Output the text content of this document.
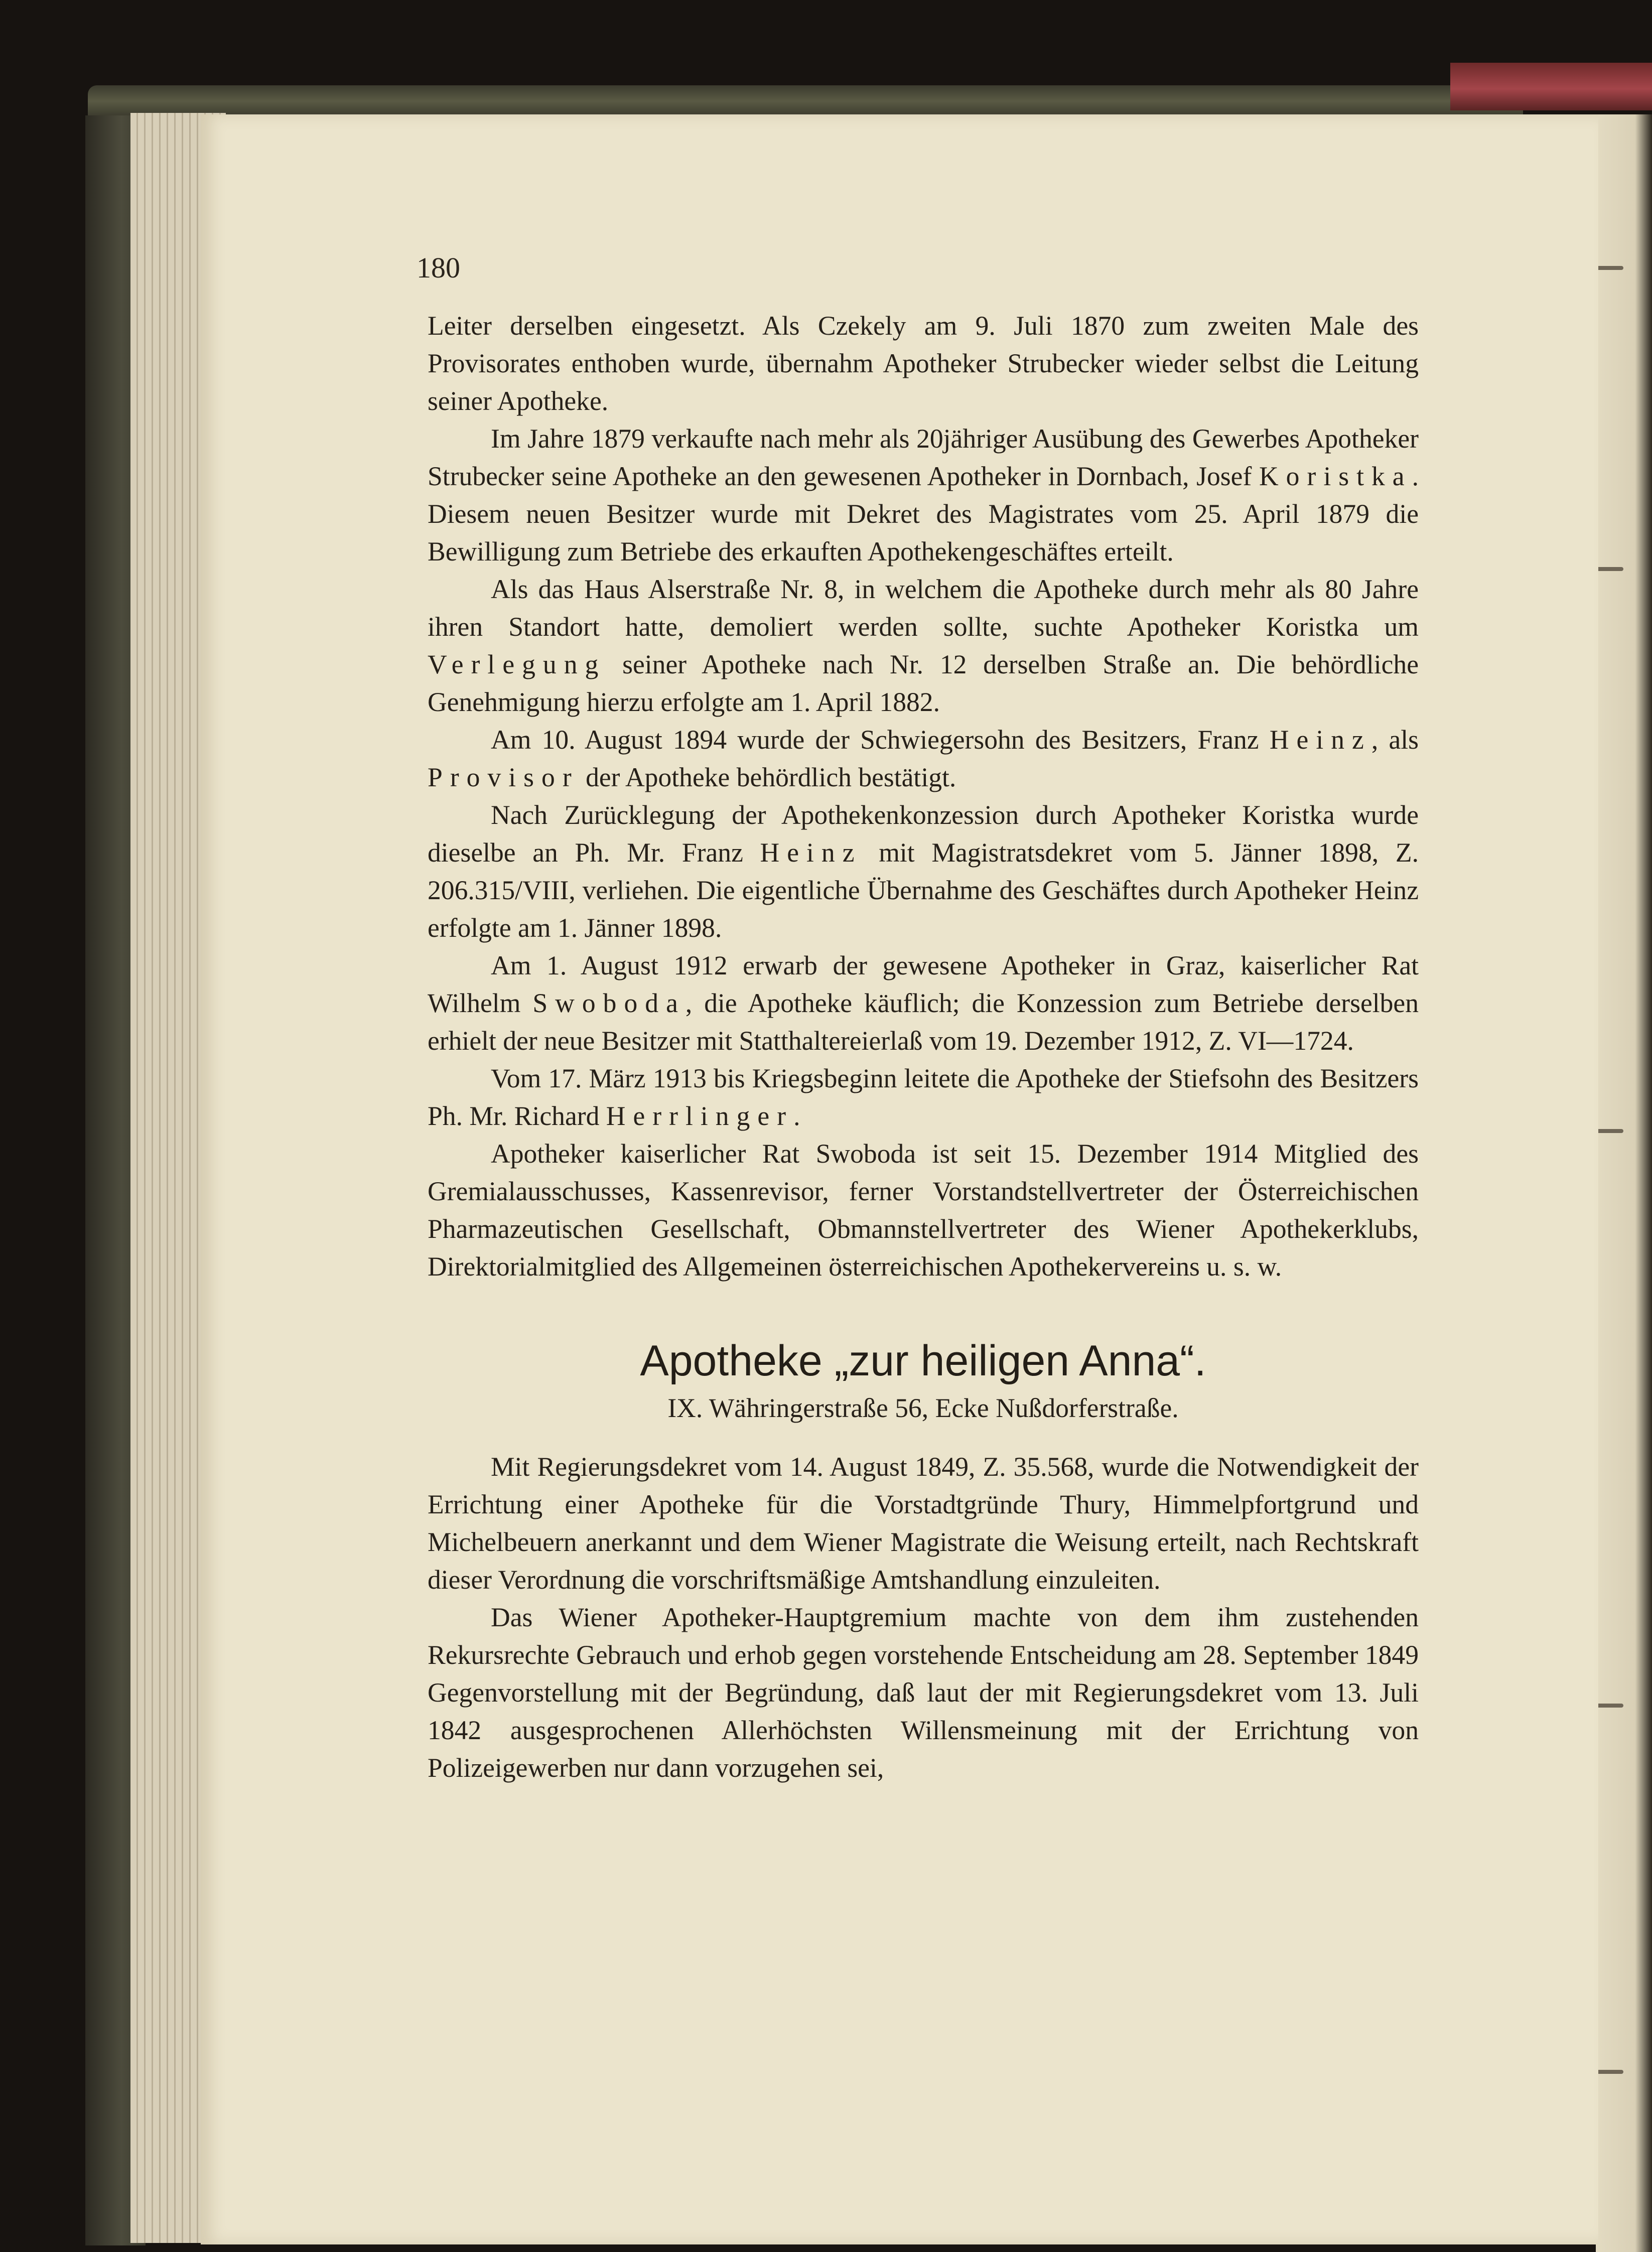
180

Leiter derselben eingesetzt. Als Czekely am 9. Juli 1870 zum zweiten Male des Provisorates enthoben wurde, übernahm Apotheker Strubecker wieder selbst die Leitung seiner Apotheke.

Im Jahre 1879 verkaufte nach mehr als 20jähriger Ausübung des Gewerbes Apotheker Strubecker seine Apotheke an den gewesenen Apotheker in Dornbach, Josef Koristka. Diesem neuen Besitzer wurde mit Dekret des Magistrates vom 25. April 1879 die Bewilligung zum Betriebe des erkauften Apothekengeschäftes erteilt.

Als das Haus Alserstraße Nr. 8, in welchem die Apotheke durch mehr als 80 Jahre ihren Standort hatte, demoliert werden sollte, suchte Apotheker Koristka um Verlegung seiner Apotheke nach Nr. 12 derselben Straße an. Die behördliche Genehmigung hierzu erfolgte am 1. April 1882.

Am 10. August 1894 wurde der Schwiegersohn des Besitzers, Franz Heinz, als Provisor der Apotheke behördlich bestätigt.

Nach Zurücklegung der Apothekenkonzession durch Apotheker Koristka wurde dieselbe an Ph. Mr. Franz Heinz mit Magistratsdekret vom 5. Jänner 1898, Z. 206.315/VIII, verliehen. Die eigentliche Übernahme des Geschäftes durch Apotheker Heinz erfolgte am 1. Jänner 1898.

Am 1. August 1912 erwarb der gewesene Apotheker in Graz, kaiserlicher Rat Wilhelm Swoboda, die Apotheke käuflich; die Konzession zum Betriebe derselben erhielt der neue Besitzer mit Statthaltereierlaß vom 19. Dezember 1912, Z. VI—1724.

Vom 17. März 1913 bis Kriegsbeginn leitete die Apotheke der Stiefsohn des Besitzers Ph. Mr. Richard Herrlinger.

Apotheker kaiserlicher Rat Swoboda ist seit 15. Dezember 1914 Mitglied des Gremialausschusses, Kassenrevisor, ferner Vorstandstellvertreter der Österreichischen Pharmazeutischen Gesellschaft, Obmannstellvertreter des Wiener Apothekerklubs, Direktorialmitglied des Allgemeinen österreichischen Apothekervereins u. s. w.

Apotheke „zur heiligen Anna“.
IX. Währingerstraße 56, Ecke Nußdorferstraße.

Mit Regierungsdekret vom 14. August 1849, Z. 35.568, wurde die Notwendigkeit der Errichtung einer Apotheke für die Vorstadtgründe Thury, Himmelpfortgrund und Michelbeuern anerkannt und dem Wiener Magistrate die Weisung erteilt, nach Rechtskraft dieser Verordnung die vorschriftsmäßige Amtshandlung einzuleiten.

Das Wiener Apotheker-Hauptgremium machte von dem ihm zustehenden Rekursrechte Gebrauch und erhob gegen vorstehende Entscheidung am 28. September 1849 Gegenvorstellung mit der Begründung, daß laut der mit Regierungsdekret vom 13. Juli 1842 ausgesprochenen Allerhöchsten Willensmeinung mit der Errichtung von Polizeigewerben nur dann vorzugehen sei,
